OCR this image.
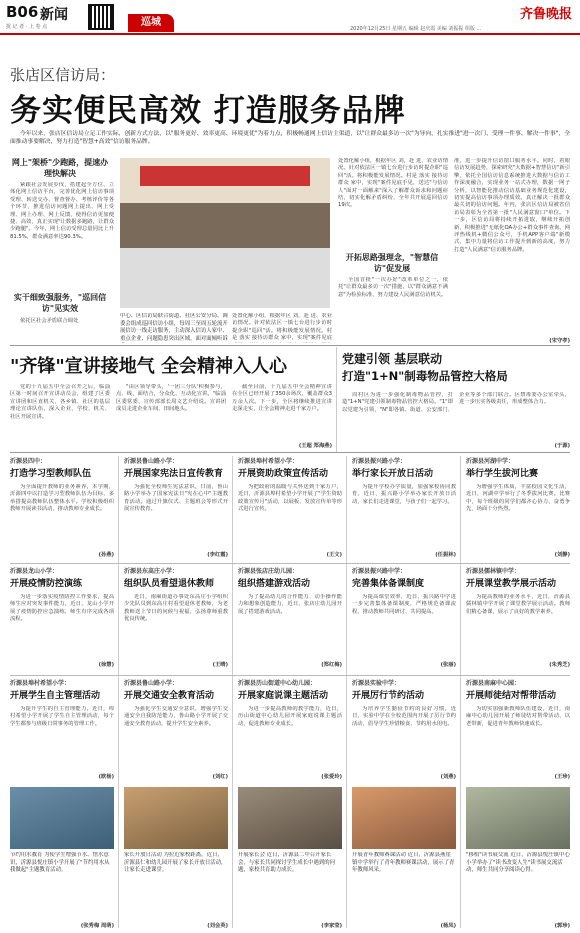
B06 新闻
扰 记 者 · 上 卷 点	巡城
齐鲁晚报
2020年12月25日 星期五 编辑 赵庆霞 美编 刘振振 组版 ...
张店区信访局：
务实便民高效 打造服务品牌
今年以来，张店区信访局立足工作实际，创新方式方法，以"服务更好、效率更高、环境更优"为着力点，积极畅通网上信访主渠道，以"让群众最多访一次"为导向，扎实推进"进一次门、受理一件事、解决一件事"，全面推动事要解决，努力打造"智慧+高效"信访服务品牌。
网上"架桥"少跑路，提速办理快解决
紧跟社会发展步伐，搭建起全方位、立体化网上信访平台，完善优化网上信访事项受理、转送交办、督查督办、考核评价等各个环节，推进信访问题网上提出、网上受理、网上办理、网上反馈，使得信访更加便捷、高效，真正实现"让数据多跑路，让群众少跑腿"。今年，网上信访受理总量同比上升81.5%，群众满意率达90.3%。
实干细致强服务，"巡回信访"见实效
依托区社会矛盾联合调处
中心、区信访局联合街道、社区公安分局、调委会组成巡回信访小组，每周三至周五轮流开展信访一线走访服务，主动深入信访人家中、重点企业、问题隐患突出区域，面对面倾听诉
处置化解小组，根据年区 刘，赴 进、农业访情况。针对依法区一镇七台进行步访时提企职"巡回"活。将积极能发展情况。村是 落实 接待访群众 家中，实现"案件见底
处置化解小组，根据年区 刘，赴 进、农业访情况。针对依法区一镇七台进行步访时提企职"巡回"活。将积极能发展情况。村是 落实 接待访群众 家中，实现"案件见底手见，送达"与信访人"面对一面解来"深入了解群众诉求和问题症结，切实化解矛盾纠纷，全年共开展巡回信访19次。
开拓思路强理念，"智慧信访"促发展
全国首批"一次办好"改革单位之一，依托"让群众最多访一次"措施，以"群众满意不满意"为检验标准，努力建设人民满意信访机关。
准，进一步提升信访窗口服务水平。同时，着眼信访发展趋势，探索研究"大数据+智慧信访"新引擎，依托全国信访信息系统推进大数据与信访工作深度融合，实现业务一站式办理，数据一网子分析，以智能化推动信访基础业务规范化建设，切实提高信访事项办理质效。真正解决一批群众最关切的信访问题。年内，张店区信访局被省信访局表彰为全省第一批"人民满意窗口"单位。下一步，区信访局将持续开拓进取，继续开拓创新，积极推进"无纸化OA办公+群众事件查询、网评热线机+微信公众号，手机APP客户端"新模式，集中力量将信访工作提升到新的高度，努力打造"人民满意"信访服务品牌。
(宋守孝)
"齐锋"宣讲接地气 全会精神入人心
党的十九届五中全会召开之后，临淄区第一时间召开宣讲动员会，组建了区委宣讲团和区直机关、各乡镇、社区的基层理论宣讲队伍，深入企业、学校、机关、社区开展宣讲。
"由区领导带头，'一团三分队'积极参与，点、线、面结合，分众化、互动化宣讲。"临淄区委常委、宣传部部长周文艺介绍说。宣讲团成员走进企业车间、田间地头。
截至目前，十九届五中全会精神宣讲在全区已经开展了350余场次，覆盖群众3万余人次。下一步，全区将继续推进宣讲走深走实，让全会精神走进千家万户。
(王超 郑海燕)
党建引领 基层联动
打造"1+N"制毒物品管控大格局
周村区为进一步强化制毒物品管控，打造"1+N"党建引领制毒物品管控大格局。"1"即以党建为引领，"N"即各镇、街道、公安部门、企业等多个部门联合。区禁毒委办公室牵头，进一步压实各级责任，形成整体合力。
(于源)
沂源县四中：
打造学习型教师队伍
为全面提升教师的业务素养，本学期，沂源四中以打造学习型教师队伍为目标，多举措提高教师队伍整体水平。学校积极组织教师开展读书活动，推动教师专业成长。
(孙燕)
沂源县鲁山路小学：
开展国家宪法日宣传教育
为强化全校师生宪法意识，日前，鲁山路小学举办了国家宪法日"宪在心中"主题教育活动。通过升旗仪式、主题班会等形式开展宣传教育。
(李红霞)
沂源县埠村希望小学：
开展资助政策宣传活动
为把政府的温暖与关怀送到千家万户，近日，沂源县埠村希望小学开展了"学生资助政策宣传月"活动，以展板、发放宣传单等形式进行宣传。
(王文)
沂源县振兴路小学：
举行家长开放日活动
为提升学校办学质量，加强家校协同教育，近日，振兴路小学举办家长开放日活动，家长们走进课堂，与孩子们一起学习。
(任振林)
沂源县河湖中学：
举行学生拔河比赛
为增强学生体质，丰富校园文化生活，近日，河湖中学举行了冬季拔河比赛。比赛中，每个班级的同学们都齐心协力、奋勇争先，场面十分热烈。
(刘静)
沂源县龙山小学：
开展疫情防控演练
为进一步落实疫情防控工作要求，提高师生应对突发事件能力，近日，龙山小学开展了疫情防控应急演练，师生有序完成各项流程。
(徐慧)
沂源县东高庄小学：
组织队员看望退休教师
近日，南麻街道办事处东高庄小学组织少先队员到东高庄村看望退休老教师，为老教师送上节日的问候与祝福，弘扬尊师重教优良传统。
(王晴)
沂源县张店庄幼儿园：
组织搭建游戏活动
为了提高幼儿的合作能力、动手操作能力和想象创造能力，近日，张店庄幼儿园开展了搭建游戏活动。
(郑红梅)
沂源县振兴路中学：
完善集体备课制度
为提高课堂效率，近日，振兴路中学进一步完善集体备课制度，严格规范备课流程，推动教师共同研讨、共同提高。
(张丽)
沂源县儒林镇中学：
开展课堂教学展示活动
为提高教师的业务水平，近日，沂源县儒林镇中学开展了课堂教学展示活动。教师们精心备课，展示了良好的教学素养。
(朱秀芝)
沂源县埠村希望小学：
开展学生自主管理活动
为提升学生的自主管理能力，近日，埠村希望小学开展了学生自主管理活动，每个学生都参与班级日常事务的管理工作。
(欧杨)
沂源县鲁山路小学：
开展交通安全教育活动
为强化学生交通安全意识，增强学生交通安全自我防范能力，鲁山路小学开展了交通安全教育活动，提升学生安全素养。
(刘红)
沂源县历山街道中心幼儿园：
开展家庭说课主题活动
为进一步提高教师的教学能力，近日，历山街道中心幼儿园开展家庭说课主题活动，促进教师专业成长。
(张爱玲)
沂源县实验中学：
开展厉行节约活动
为培养学生勤俭节约的良好习惯，近日，实验中学在全校范围内开展了厉行节约活动，倡导学生珍惜粮食、节约用水用电。
(刘燕)
沂源县南麻中心园：
开展师徒结对帮带活动
为切实加强新教师队伍建设，近日，南麻中心幼儿园开展了师徒结对帮带活动，以老带新，促进青年教师快速成长。
(王珍)
节约用水教育 为使学生增强节水、惜水意识，沂源县悦庄镇小学开展了"节约用水从我做起"主题教育活动。
(张秀梅 周萌)
家长开放日活动 为拉近家校距离，近日，沂源县仁和幼儿园开展了家长开放日活动，让家长走进课堂。
(刘会英)
开展家长会 近日，沂源县二中召开家长会，与家长共同探讨学生成长中遇到的问题，家校共育助力成长。
(李家莹)
开展青年教师赛课活动 近日，沂源县燕崖镇中学举行了青年教师赛课活动，展示了青年教师风采。
(杨凤)
"移植"读书展交流 近日，沂源县悦庄镇中心小学举办了"读书改变人生"读书展交流活动，师生共同分享阅读心得。
(郭珍)
